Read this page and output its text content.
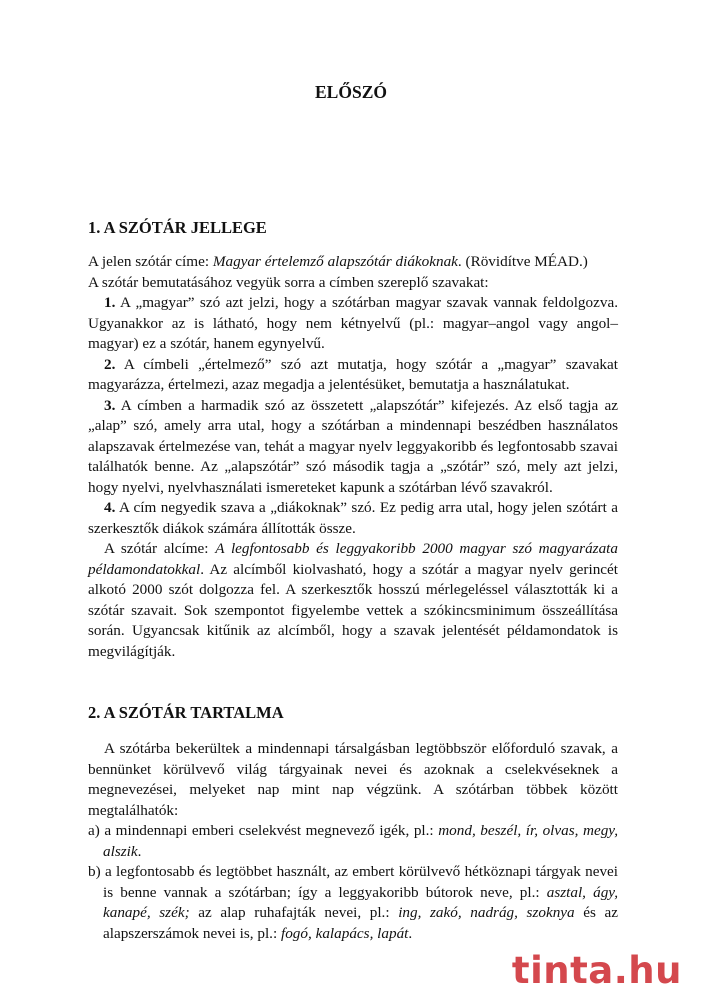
ELŐSZÓ
1. A SZÓTÁR JELLEGE

A jelen szótár címe: Magyar értelemző alapszótár diákoknak. (Rövidítve MÉAD.)

A szótár bemutatásához vegyük sorra a címben szereplő szavakat:

1. A „magyar” szó azt jelzi, hogy a szótárban magyar szavak vannak feldolgozva. Ugyanakkor az is látható, hogy nem kétnyelvű (pl.: magyar–angol vagy angol–magyar) ez a szótár, hanem egynyelvű.

2. A címbeli „értelmező” szó azt mutatja, hogy szótár a „magyar” szavakat magyarázza, értelmezi, azaz megadja a jelentésüket, bemutatja a használatukat.

3. A címben a harmadik szó az összetett „alapszótár” kifejezés. Az első tagja az „alap” szó, amely arra utal, hogy a szótárban a mindennapi beszédben használatos alapszavak értelmezése van, tehát a magyar nyelv leggyakoribb és legfontosabb szavai találhatók benne. Az „alapszótár” szó második tagja a „szótár” szó, mely azt jelzi, hogy nyelvi, nyelvhasználati ismereteket kapunk a szótárban lévő szavakról.

4. A cím negyedik szava a „diákoknak” szó. Ez pedig arra utal, hogy jelen szótárt a szerkesztők diákok számára állították össze.

A szótár alcíme: A legfontosabb és leggyakoribb 2000 magyar szó magyarázata példamondatokkal. Az alcímből kiolvasható, hogy a szótár a magyar nyelv gerincét alkotó 2000 szót dolgozza fel. A szerkesztők hosszú mérlegeléssel választották ki a szótár szavait. Sok szempontot figyelembe vettek a szókincsminimum összeállítása során. Ugyancsak kitűnik az alcímből, hogy a szavak jelentését példamondatok is megvilágítják.

2. A SZÓTÁR TARTALMA

A szótárba bekerültek a mindennapi társalgásban legtöbbször előforduló szavak, a bennünket körülvevő világ tárgyainak nevei és azoknak a cselekvéseknek a megnevezései, melyeket nap mint nap végzünk. A szótárban többek között megtalálhatók:

a) a mindennapi emberi cselekvést megnevező igék, pl.: mond, beszél, ír, olvas, megy, alszik.

b) a legfontosabb és legtöbbet használt, az embert körülvevő hétköznapi tárgyak nevei is benne vannak a szótárban; így a leggyakoribb bútorok neve, pl.: asztal, ágy, kanapé, szék; az alap ruhafajták nevei, pl.: ing, zakó, nadrág, szoknya és az alapszerszámok nevei is, pl.: fogó, kalapács, lapát.

tinta.hu
